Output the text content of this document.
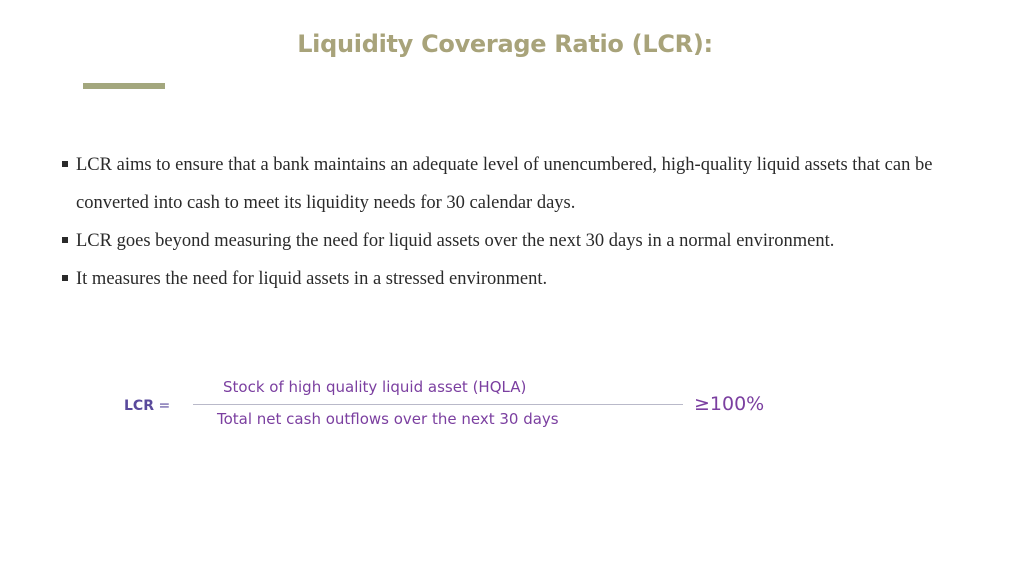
Liquidity Coverage Ratio (LCR):
LCR aims to ensure that a bank maintains an adequate level of unencumbered, high-quality liquid assets that can be converted into cash to meet its liquidity needs for 30 calendar days.
LCR goes beyond measuring the need for liquid assets over the next 30 days in a normal environment.
It measures the need for liquid assets in a stressed environment.
LCR =
Stock of high quality liquid asset (HQLA)
Total net cash outflows over the next 30 days
≥100%
